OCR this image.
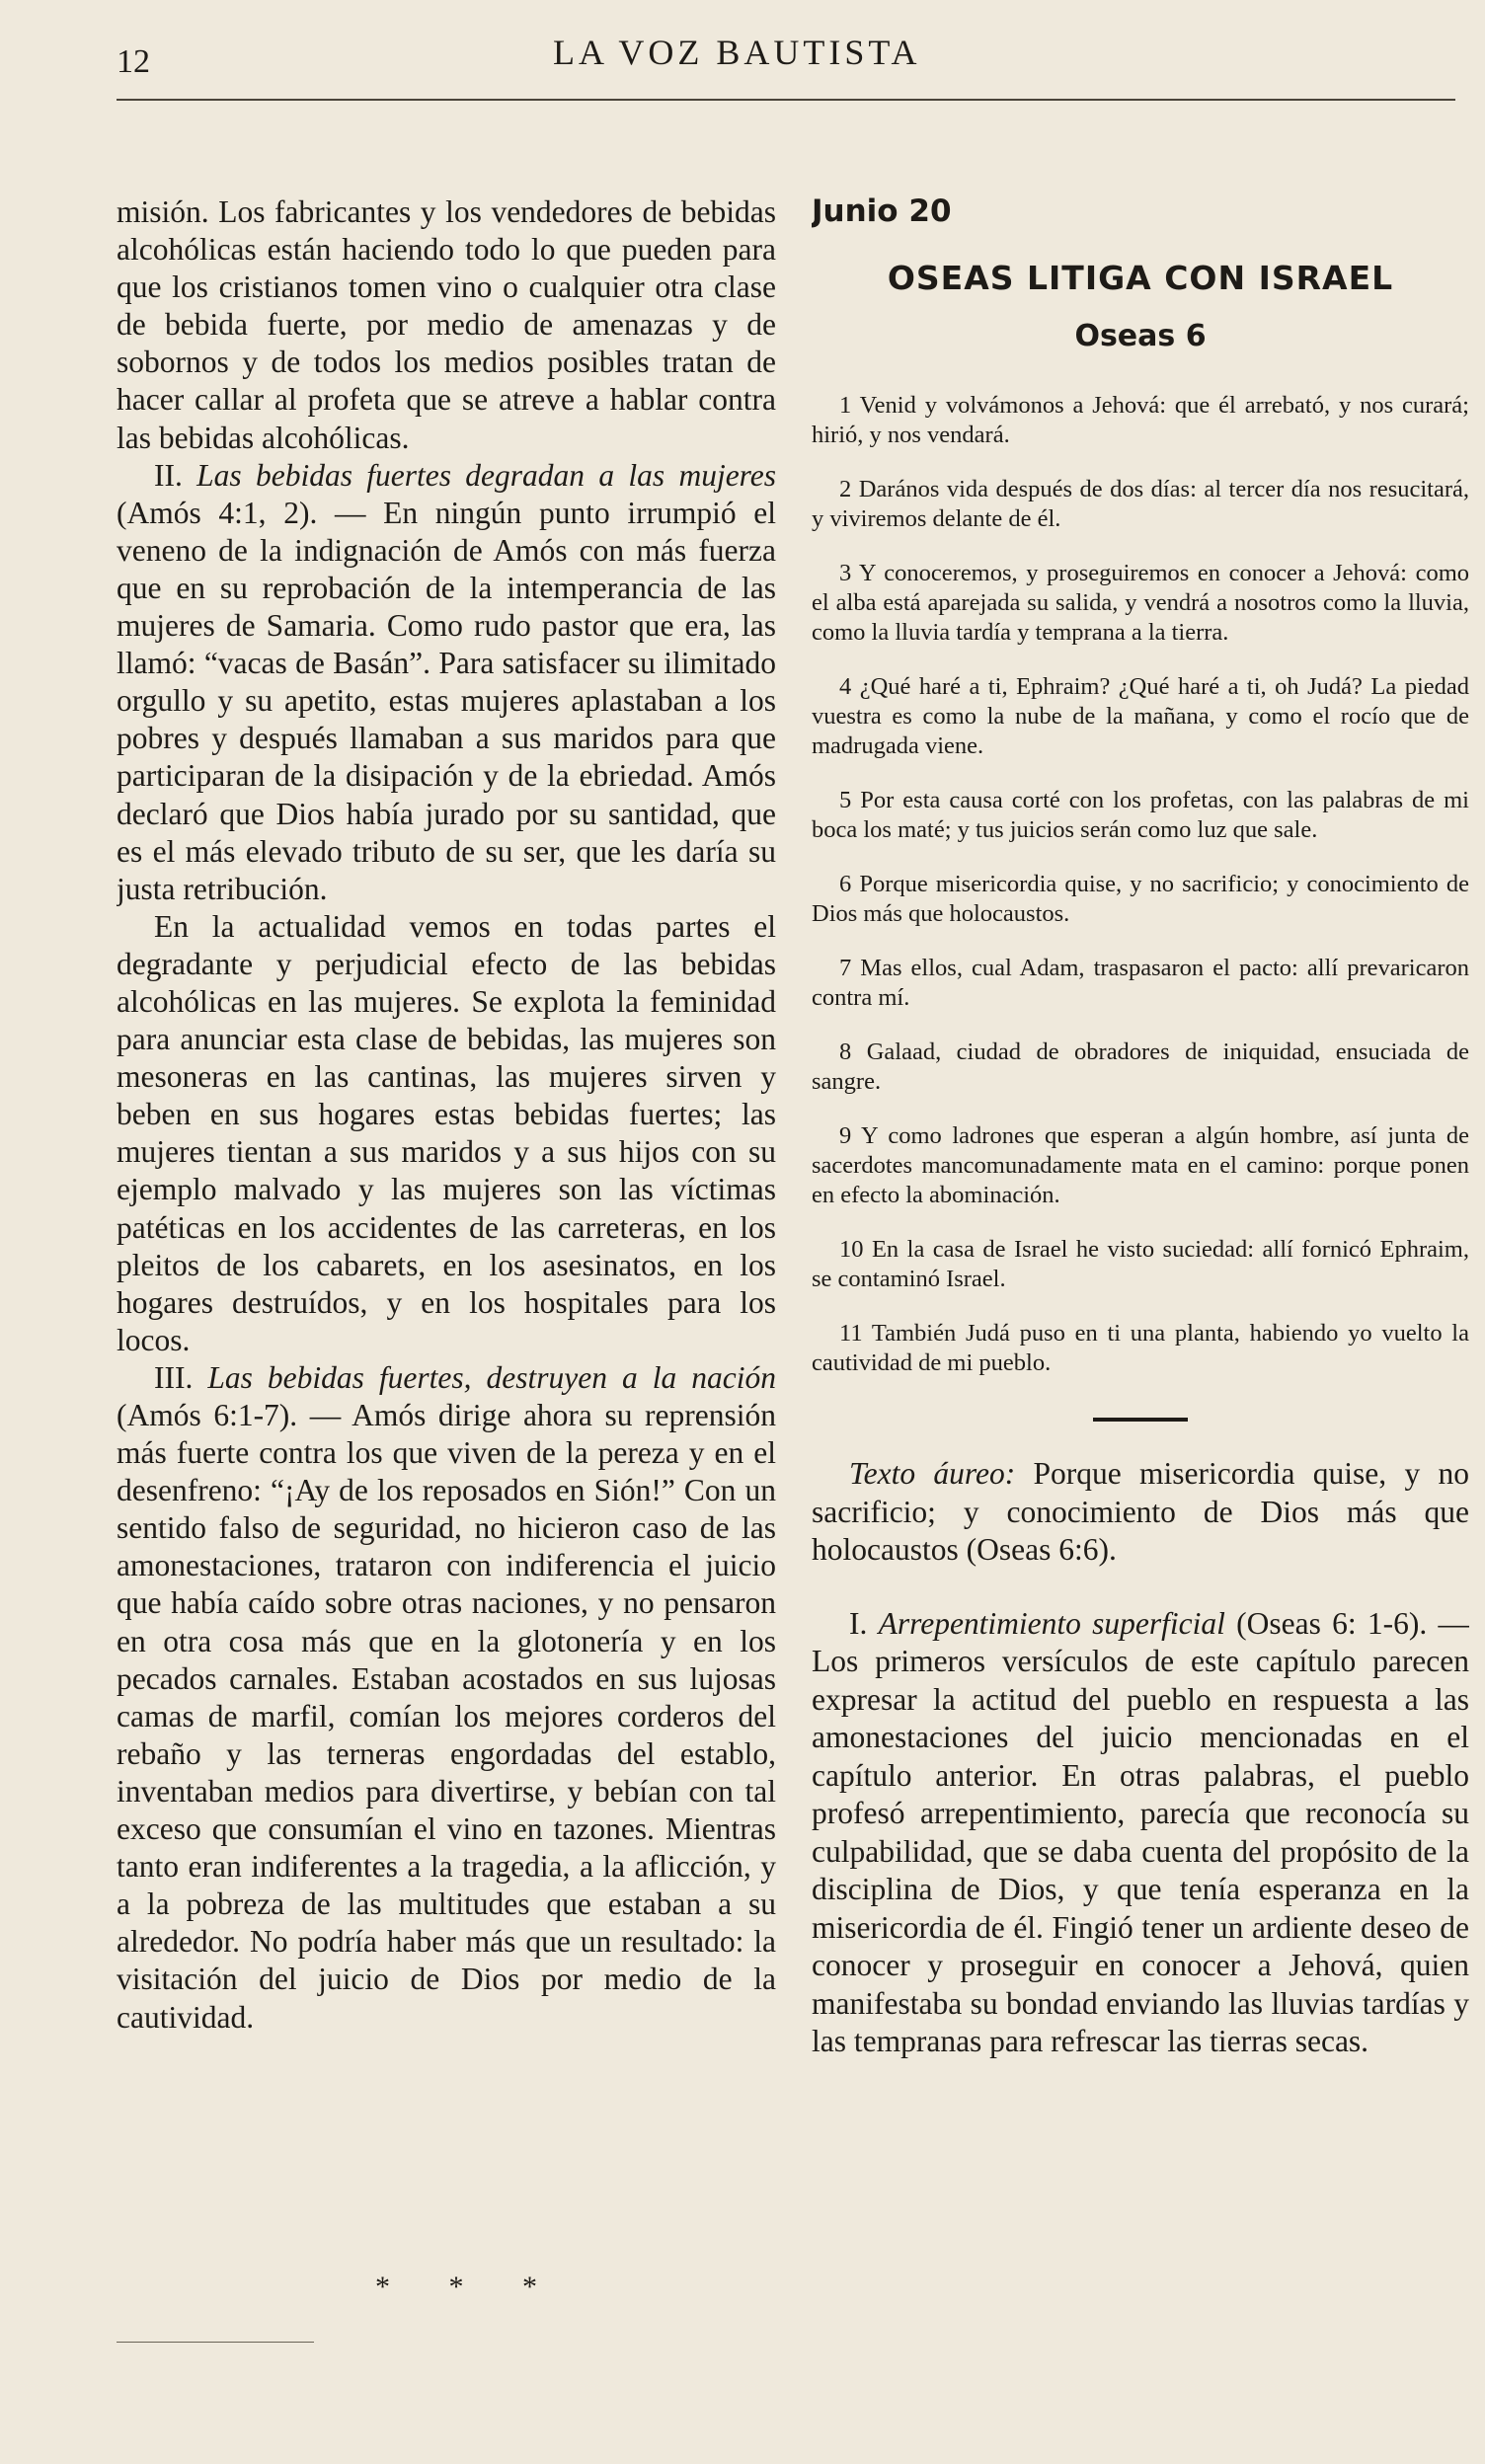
12	LA VOZ BAUTISTA

misión. Los fabricantes y los vendedores de bebidas alcohólicas están haciendo todo lo que pueden para que los cristianos tomen vino o cualquier otra clase de bebida fuerte, por medio de amenazas y de sobornos y de todos los medios posibles tratan de hacer callar al profeta que se atreve a hablar contra las bebidas alcohólicas.

II. Las bebidas fuertes degradan a las mujeres (Amós 4:1, 2). — En ningún punto irrumpió el veneno de la indignación de Amós con más fuerza que en su reprobación de la intemperancia de las mujeres de Samaria. Como rudo pastor que era, las llamó: “vacas de Basán”. Para satisfacer su ilimitado orgullo y su apetito, estas mujeres aplastaban a los pobres y después llamaban a sus maridos para que participaran de la disipación y de la ebriedad. Amós declaró que Dios había jurado por su santidad, que es el más elevado tributo de su ser, que les daría su justa retribución.

En la actualidad vemos en todas partes el degradante y perjudicial efecto de las bebidas alcohólicas en las mujeres. Se explota la feminidad para anunciar esta clase de bebidas, las mujeres son mesoneras en las cantinas, las mujeres sirven y beben en sus hogares estas bebidas fuertes; las mujeres tientan a sus maridos y a sus hijos con su ejemplo malvado y las mujeres son las víctimas patéticas en los accidentes de las carreteras, en los pleitos de los cabarets, en los asesinatos, en los hogares destruídos, y en los hospitales para los locos.

III. Las bebidas fuertes, destruyen a la nación (Amós 6:1-7). — Amós dirige ahora su reprensión más fuerte contra los que viven de la pereza y en el desenfreno: “¡Ay de los reposados en Sión!” Con un sentido falso de seguridad, no hicieron caso de las amonestaciones, trataron con indiferencia el juicio que había caído sobre otras naciones, y no pensaron en otra cosa más que en la glotonería y en los pecados carnales. Estaban acostados en sus lujosas camas de marfil, comían los mejores corderos del rebaño y las terneras engordadas del establo, inventaban medios para divertirse, y bebían con tal exceso que consumían el vino en tazones. Mientras tanto eran indiferentes a la tragedia, a la aflicción, y a la pobreza de las multitudes que estaban a su alrededor. No podría haber más que un resultado: la visitación del juicio de Dios por medio de la cautividad.

* * *
Junio 20
OSEAS LITIGA CON ISRAEL
Oseas 6
1 Venid y volvámonos a Jehová: que él arrebató, y nos curará; hirió, y nos vendará.
2 Darános vida después de dos días: al tercer día nos resucitará, y viviremos delante de él.
3 Y conoceremos, y proseguiremos en conocer a Jehová: como el alba está aparejada su salida, y vendrá a nosotros como la lluvia, como la lluvia tardía y temprana a la tierra.
4 ¿Qué haré a ti, Ephraim? ¿Qué haré a ti, oh Judá? La piedad vuestra es como la nube de la mañana, y como el rocío que de madrugada viene.
5 Por esta causa corté con los profetas, con las palabras de mi boca los maté; y tus juicios serán como luz que sale.
6 Porque misericordia quise, y no sacrificio; y conocimiento de Dios más que holocaustos.
7 Mas ellos, cual Adam, traspasaron el pacto: allí prevaricaron contra mí.
8 Galaad, ciudad de obradores de iniquidad, ensuciada de sangre.
9 Y como ladrones que esperan a algún hombre, así junta de sacerdotes mancomunadamente mata en el camino: porque ponen en efecto la abominación.
10 En la casa de Israel he visto suciedad: allí fornicó Ephraim, se contaminó Israel.
11 También Judá puso en ti una planta, habiendo yo vuelto la cautividad de mi pueblo.

Texto áureo: Porque misericordia quise, y no sacrificio; y conocimiento de Dios más que holocaustos (Oseas 6:6).

I. Arrepentimiento superficial (Oseas 6: 1-6). — Los primeros versículos de este capítulo parecen expresar la actitud del pueblo en respuesta a las amonestaciones del juicio mencionadas en el capítulo anterior. En otras palabras, el pueblo profesó arrepentimiento, parecía que reconocía su culpabilidad, que se daba cuenta del propósito de la disciplina de Dios, y que tenía esperanza en la misericordia de él. Fingió tener un ardiente deseo de conocer y proseguir en conocer a Jehová, quien manifestaba su bondad enviando las lluvias tardías y las tempranas para refrescar las tierras secas.
